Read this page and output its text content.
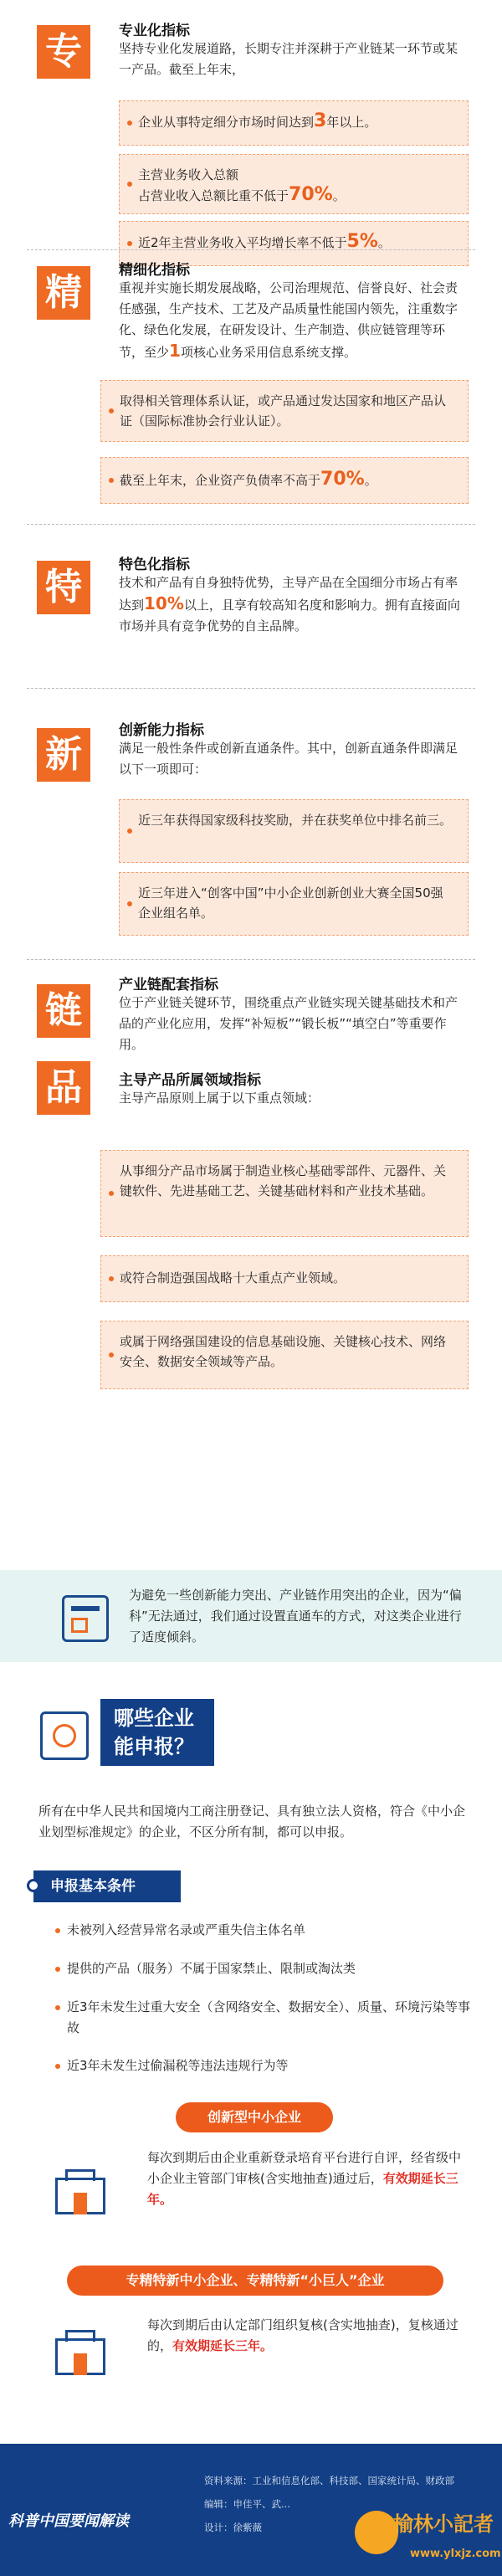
专	专业化指标
坚持专业化发展道路，长期专注并深耕于产业链某一环节或某一产品。截至上年末，
企业从事特定细分市场时间达到3年以上。
主营业务收入总额
占营业收入总额比重不低于70%。
近2年主营业务收入平均增长率不低于5%。
精
精细化指标
重视并实施长期发展战略，公司治理规范、信誉良好、社会责任感强，生产技术、工艺及产品质量性能国内领先，注重数字化、绿色化发展，在研发设计、生产制造、供应链管理等环节，至少1项核心业务采用信息系统支撑。
取得相关管理体系认证，或产品通过发达国家和地区产品认证（国际标准协会行业认证）。
截至上年末，企业资产负债率不高于70%。
特
特色化指标
技术和产品有自身独特优势，主导产品在全国细分市场占有率达到10%以上，且享有较高知名度和影响力。拥有直接面向市场并具有竞争优势的自主品牌。
新
创新能力指标
满足一般性条件或创新直通条件。其中，创新直通条件即满足以下一项即可：
近三年获得国家级科技奖励，并在获奖单位中排名前三。
近三年进入“创客中国”中小企业创新创业大赛全国50强企业组名单。
链
产业链配套指标
位于产业链关键环节，围绕重点产业链实现关键基础技术和产品的产业化应用，发挥“补短板”“锻长板”“填空白”等重要作用。
品	主导产品所属领域指标
主导产品原则上属于以下重点领域：
从事细分产品市场属于制造业核心基础零部件、元器件、关键软件、先进基础工艺、关键基础材料和产业技术基础。
或符合制造强国战略十大重点产业领域。
或属于网络强国建设的信息基础设施、关键核心技术、网络安全、数据安全领域等产品。
为避免一些创新能力突出、产业链作用突出的企业，因为“偏科”无法通过，我们通过设置直通车的方式，对这类企业进行了适度倾斜。
哪些企业
能申报？
所有在中华人民共和国境内工商注册登记、具有独立法人资格，符合《中小企业划型标准规定》的企业，不区分所有制，都可以申报。
申报基本条件
未被列入经营异常名录或严重失信主体名单
提供的产品（服务）不属于国家禁止、限制或淘汰类
近3年未发生过重大安全（含网络安全、数据安全）、质量、环境污染等事故
近3年未发生过偷漏税等违法违规行为等
创新型中小企业
每次到期后由企业重新登录培育平台进行自评，经省级中小企业主管部门审核(含实地抽查)通过后，有效期延长三年。
专精特新中小企业、专精特新“小巨人”企业
每次到期后由认定部门组织复核(含实地抽查)，复核通过的，有效期延长三年。
科普中国要闻解读
资料来源：工业和信息化部、科技部、国家统计局、财政部
编辑：申佳平、武...
设计：徐紫薇	榆林小記者
www.ylxjz.com
